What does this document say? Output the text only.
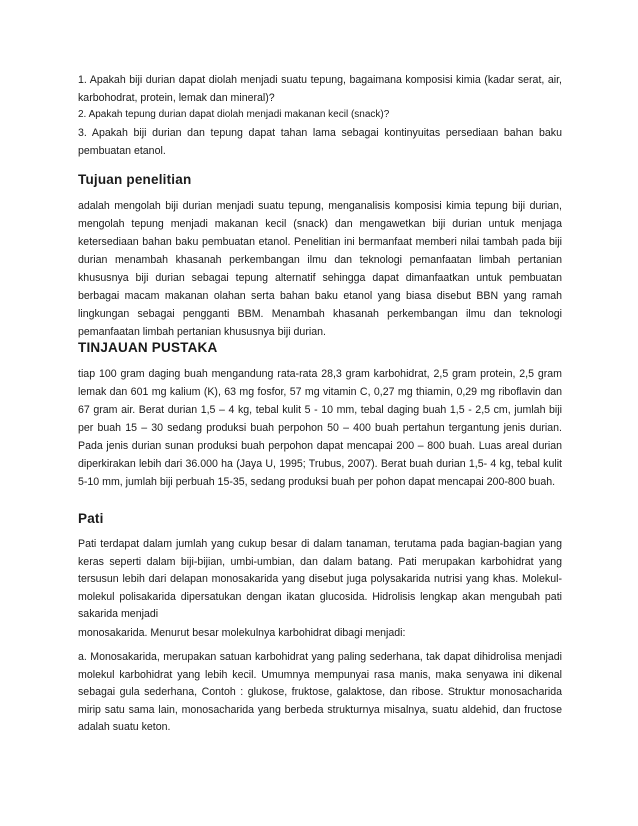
1. Apakah biji durian dapat diolah menjadi suatu tepung, bagaimana komposisi kimia (kadar serat, air, karbohodrat, protein, lemak dan mineral)?

2. Apakah tepung durian dapat diolah menjadi makanan kecil (snack)?

3. Apakah biji durian dan tepung dapat tahan lama sebagai kontinyuitas persediaan bahan baku pembuatan etanol.

Tujuan penelitian

adalah mengolah biji durian menjadi suatu tepung, menganalisis komposisi kimia tepung biji durian, mengolah tepung menjadi makanan kecil (snack) dan mengawetkan biji durian untuk menjaga ketersediaan bahan baku pembuatan etanol. Penelitian ini bermanfaat memberi nilai tambah pada biji durian menambah khasanah perkembangan ilmu dan teknologi pemanfaatan limbah pertanian khususnya biji durian sebagai tepung alternatif sehingga dapat dimanfaatkan untuk pembuatan berbagai macam makanan olahan serta bahan baku etanol yang biasa disebut BBN yang ramah lingkungan sebagai pengganti BBM. Menambah khasanah perkembangan ilmu dan teknologi pemanfaatan limbah pertanian khususnya biji durian.

TINJAUAN PUSTAKA

tiap 100 gram daging buah mengandung rata-rata 28,3 gram karbohidrat, 2,5 gram protein, 2,5 gram lemak dan 601 mg kalium (K), 63 mg fosfor, 57 mg vitamin C, 0,27 mg thiamin, 0,29 mg riboflavin dan 67 gram air. Berat durian 1,5 – 4 kg, tebal kulit 5 - 10 mm, tebal daging buah 1,5 - 2,5 cm, jumlah biji per buah 15 – 30 sedang produksi buah perpohon 50 – 400 buah pertahun tergantung jenis durian. Pada jenis durian sunan produksi buah perpohon dapat mencapai 200 – 800 buah. Luas areal durian diperkirakan lebih dari 36.000 ha (Jaya U, 1995; Trubus, 2007). Berat buah durian 1,5- 4 kg, tebal kulit 5-10 mm, jumlah biji perbuah 15-35, sedang produksi buah per pohon dapat mencapai 200-800 buah.

Pati

Pati terdapat dalam jumlah yang cukup besar di dalam tanaman, terutama pada bagian-bagian yang keras seperti dalam biji-bijian, umbi-umbian, dan dalam batang. Pati merupakan karbohidrat yang tersusun lebih dari delapan monosakarida yang disebut juga polysakarida nutrisi yang khas. Molekul-molekul polisakarida dipersatukan dengan ikatan glucosida. Hidrolisis lengkap akan mengubah pati sakarida menjadi

monosakarida. Menurut besar molekulnya karbohidrat dibagi menjadi:

a. Monosakarida, merupakan satuan karbohidrat yang paling sederhana, tak dapat dihidrolisa menjadi molekul karbohidrat yang lebih kecil. Umumnya mempunyai rasa manis, maka senyawa ini dikenal sebagai gula sederhana, Contoh : glukose, fruktose, galaktose, dan ribose. Struktur monosacharida mirip satu sama lain, monosacharida yang berbeda strukturnya misalnya, suatu aldehid, dan fructose adalah suatu keton.
